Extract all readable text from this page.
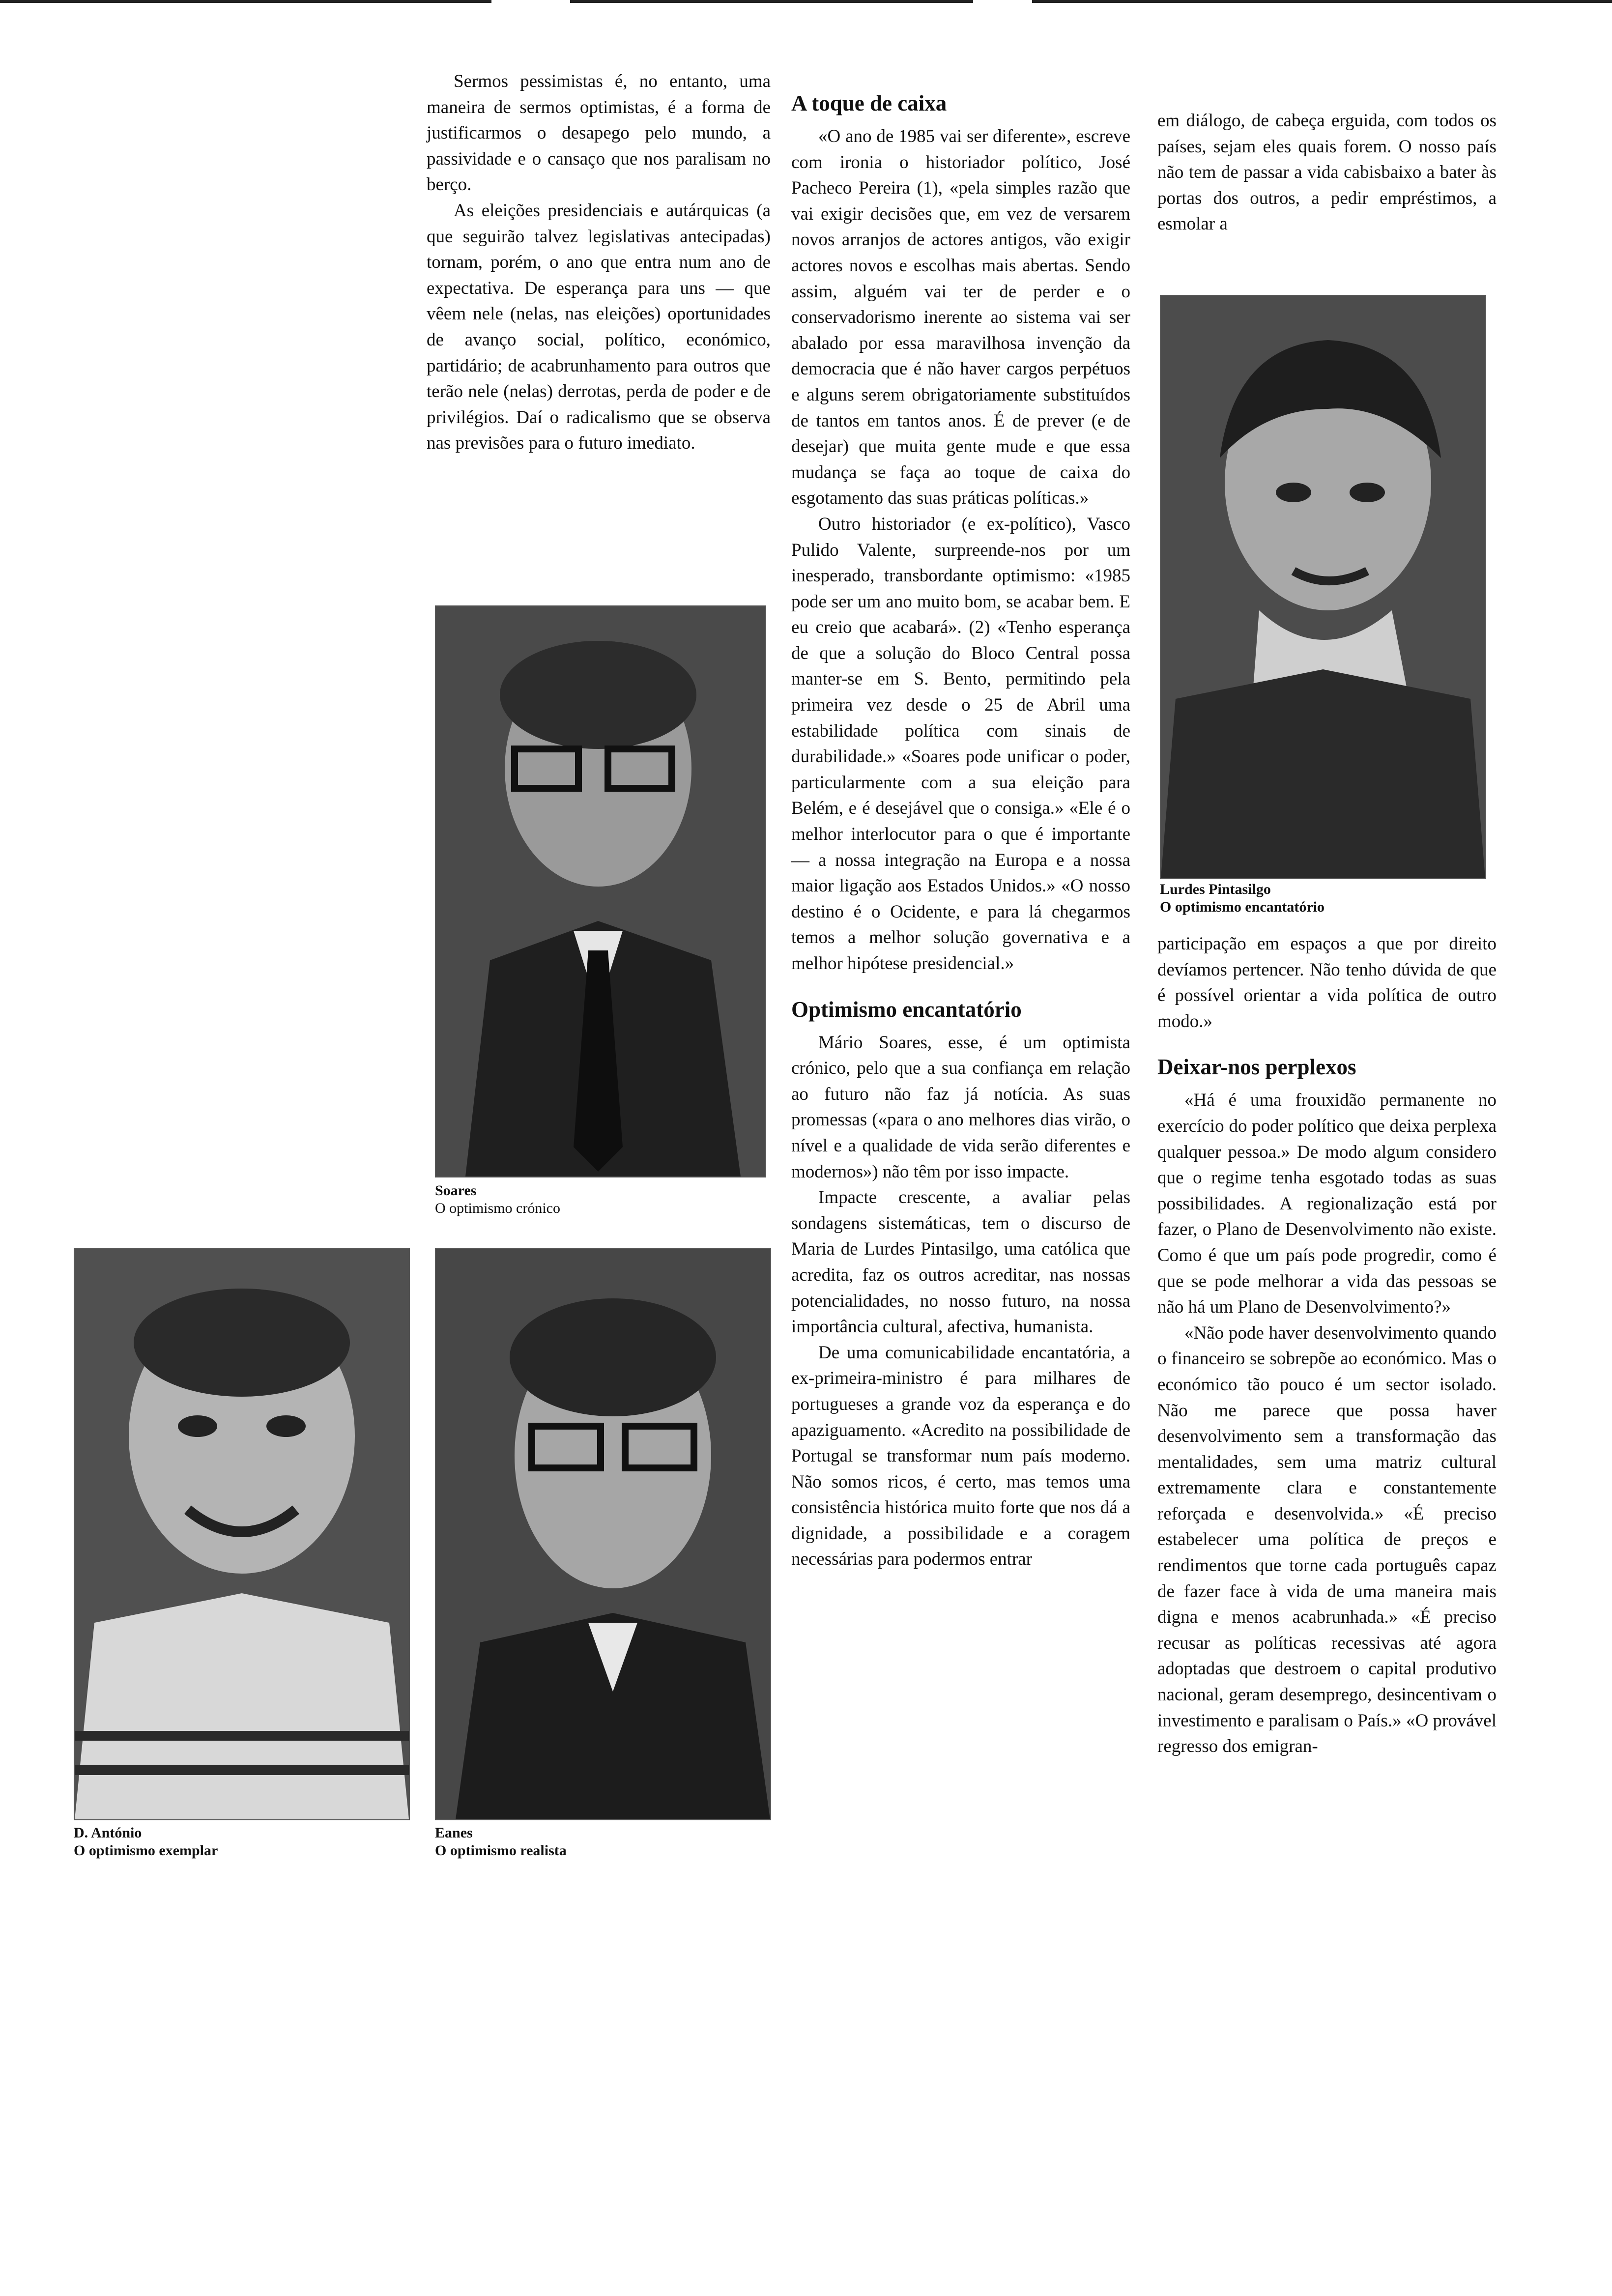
Sermos pessimistas é, no entanto, uma maneira de sermos optimistas, é a forma de justificarmos o desapego pelo mundo, a passividade e o cansaço que nos paralisam no berço.

As eleições presidenciais e autárquicas (a que seguirão talvez legislativas antecipadas) tornam, porém, o ano que entra num ano de expectativa. De esperança para uns — que vêem nele (nelas, nas eleições) oportunidades de avanço social, político, económico, partidário; de acabrunhamento para outros que terão nele (nelas) derrotas, perda de poder e de privilégios. Daí o radicalismo que se observa nas previsões para o futuro imediato.

Soares
O optimismo crónico
D. António
O optimismo exemplar
Eanes
O optimismo realista
A toque de caixa

«O ano de 1985 vai ser diferente», escreve com ironia o historiador político, José Pacheco Pereira (1), «pela simples razão que vai exigir decisões que, em vez de versarem novos arranjos de actores antigos, vão exigir actores novos e escolhas mais abertas. Sendo assim, alguém vai ter de perder e o conservadorismo inerente ao sistema vai ser abalado por essa maravilhosa invenção da democracia que é não haver cargos perpétuos e alguns serem obrigatoriamente substituídos de tantos em tantos anos. É de prever (e de desejar) que muita gente mude e que essa mudança se faça ao toque de caixa do esgotamento das suas práticas políticas.»

Outro historiador (e ex-político), Vasco Pulido Valente, surpreende-nos por um inesperado, transbordante optimismo: «1985 pode ser um ano muito bom, se acabar bem. E eu creio que acabará». (2) «Tenho esperança de que a solução do Bloco Central possa manter-se em S. Bento, permitindo pela primeira vez desde o 25 de Abril uma estabilidade política com sinais de durabilidade.» «Soares pode unificar o poder, particularmente com a sua eleição para Belém, e é desejável que o consiga.» «Ele é o melhor interlocutor para o que é importante — a nossa integração na Europa e a nossa maior ligação aos Estados Unidos.» «O nosso destino é o Ocidente, e para lá chegarmos temos a melhor solução governativa e a melhor hipótese presidencial.»

Optimismo encantatório

Mário Soares, esse, é um optimista crónico, pelo que a sua confiança em relação ao futuro não faz já notícia. As suas promessas («para o ano melhores dias virão, o nível e a qualidade de vida serão diferentes e modernos») não têm por isso impacte.

Impacte crescente, a avaliar pelas sondagens sistemáticas, tem o discurso de Maria de Lurdes Pintasilgo, uma católica que acredita, faz os outros acreditar, nas nossas potencialidades, no nosso futuro, na nossa importância cultural, afectiva, humanista.

De uma comunicabilidade encantatória, a ex-primeira-ministro é para milhares de portugueses a grande voz da esperança e do apaziguamento. «Acredito na possibilidade de Portugal se transformar num país moderno. Não somos ricos, é certo, mas temos uma consistência histórica muito forte que nos dá a dignidade, a possibilidade e a coragem necessárias para podermos entrar

em diálogo, de cabeça erguida, com todos os países, sejam eles quais forem. O nosso país não tem de passar a vida cabisbaixo a bater às portas dos outros, a pedir empréstimos, a esmolar a

Lurdes Pintasilgo
O optimismo encantatório

participação em espaços a que por direito devíamos pertencer. Não tenho dúvida de que é possível orientar a vida política de outro modo.»

Deixar-nos perplexos

«Há é uma frouxidão permanente no exercício do poder político que deixa perplexa qualquer pessoa.» De modo algum considero que o regime tenha esgotado todas as suas possibilidades. A regionalização está por fazer, o Plano de Desenvolvimento não existe. Como é que um país pode progredir, como é que se pode melhorar a vida das pessoas se não há um Plano de Desenvolvimento?»

«Não pode haver desenvolvimento quando o financeiro se sobrepõe ao económico. Mas o económico tão pouco é um sector isolado. Não me parece que possa haver desenvolvimento sem a transformação das mentalidades, sem uma matriz cultural extremamente clara e constantemente reforçada e desenvolvida.» «É preciso estabelecer uma política de preços e rendimentos que torne cada português capaz de fazer face à vida de uma maneira mais digna e menos acabrunhada.» «É preciso recusar as políticas recessivas até agora adoptadas que destroem o capital produtivo nacional, geram desemprego, desincentivam o investimento e paralisam o País.» «O provável regresso dos emigran-
